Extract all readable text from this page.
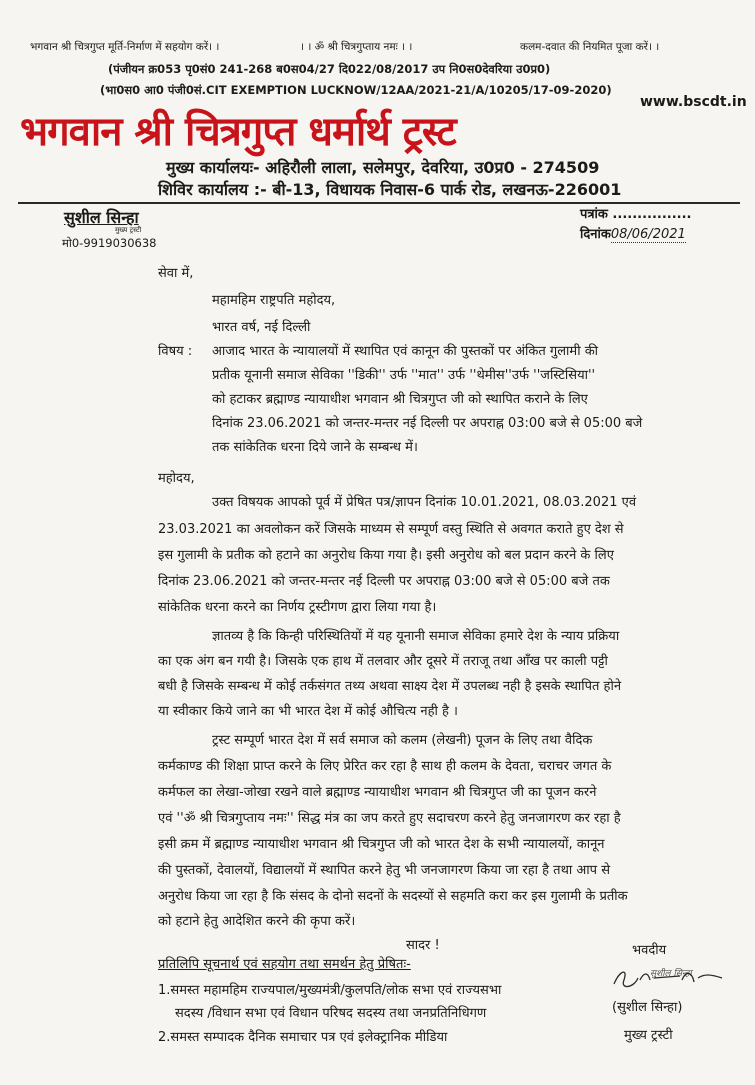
भगवान श्री चित्रगुप्त मूर्ति-निर्माण में सहयोग करें। ।	। । ॐ श्री चित्रगुप्ताय नमः । ।	कलम-दवात की नियमित पूजा करें। ।
(पंजीयन क्र053 पृ0सं0 241-268 ब0स04/27 दि022/08/2017 उप नि0स0देवरिया उ0प्र0)
(भा0स0 आ0 पंजी0सं.CIT EXEMPTION LUCKNOW/12AA/2021-21/A/10205/17-09-2020)
www.bscdt.in
भगवान श्री चित्रगुप्त धर्मार्थ ट्रस्ट
मुख्य कार्यालयः- अहिरौली लाला, सलेमपुर, देवरिया, उ0प्र0 - 274509
शिविर कार्यालय :- बी-13, विधायक निवास-6 पार्क रोड, लखनऊ-226001
सुशील सिन्हा
मुख्य ट्रस्टी
मो0-9919030638
पत्रांक ................
दिनांक08/06/2021
सेवा में,
महामहिम राष्ट्रपति महोदय,
भारत वर्ष, नई दिल्ली
विषय : आजाद भारत के न्यायालयों में स्थापित एवं कानून की पुस्तकों पर अंकित गुलामी की
प्रतीक यूनानी समाज सेविका ''डिकी'' उर्फ ''मात'' उर्फ ''थेमीस''उर्फ ''जस्टिसिया''
को हटाकर ब्रह्माण्ड न्यायाधीश भगवान श्री चित्रगुप्त जी को स्थापित कराने के लिए
दिनांक 23.06.2021 को जन्तर-मन्तर नई दिल्ली पर अपराह्न 03:00 बजे से 05:00 बजे
तक सांकेतिक धरना दिये जाने के सम्बन्ध में।
महोदय,
उक्त विषयक आपको पूर्व में प्रेषित पत्र/ज्ञापन दिनांक 10.01.2021, 08.03.2021 एवं
23.03.2021 का अवलोकन करें जिसके माध्यम से सम्पूर्ण वस्तु स्थिति से अवगत कराते हुए देश से
इस गुलामी के प्रतीक को हटाने का अनुरोध किया गया है। इसी अनुरोध को बल प्रदान करने के लिए
दिनांक 23.06.2021 को जन्तर-मन्तर नई दिल्ली पर अपराह्न 03:00 बजे से 05:00 बजे तक
सांकेतिक धरना करने का निर्णय ट्रस्टीगण द्वारा लिया गया है।
ज्ञातव्य है कि किन्ही परिस्थितियों में यह यूनानी समाज सेविका हमारे देश के न्याय प्रक्रिया
का एक अंग बन गयी है। जिसके एक हाथ में तलवार और दूसरे में तराजू तथा आँख पर काली पट्टी
बधी है जिसके सम्बन्ध में कोई तर्कसंगत तथ्य अथवा साक्ष्य देश में उपलब्ध नही है इसके स्थापित होने
या स्वीकार किये जाने का भी भारत देश में कोई औचित्य नही है ।
ट्रस्ट सम्पूर्ण भारत देश में सर्व समाज को कलम (लेखनी) पूजन के लिए तथा वैदिक
कर्मकाण्ड की शिक्षा प्राप्त करने के लिए प्रेरित कर रहा है साथ ही कलम के देवता, चराचर जगत के
कर्मफल का लेखा-जोखा रखने वाले ब्रह्माण्ड न्यायाधीश भगवान श्री चित्रगुप्त जी का पूजन करने
एवं ''ॐ श्री चित्रगुप्ताय नमः'' सिद्ध मंत्र का जप करते हुए सदाचरण करने हेतु जनजागरण कर रहा है
इसी क्रम में ब्रह्माण्ड न्यायाधीश भगवान श्री चित्रगुप्त जी को भारत देश के सभी न्यायालयों, कानून
की पुस्तकों, देवालयों, विद्यालयों में स्थापित करने हेतु भी जनजागरण किया जा रहा है तथा आप से
अनुरोध किया जा रहा है कि संसद के दोनो सदनों के सदस्यों से सहमति करा कर इस गुलामी के प्रतीक
को हटाने हेतु आदेशित करने की कृपा करें।
सादर !
प्रतिलिपि सूचनार्थ एवं सहयोग तथा समर्थन हेतु प्रेषितः-
1.समस्त महामहिम राज्यपाल/मुख्यमंत्री/कुलपति/लोक सभा एवं राज्यसभा
सदस्य /विधान सभा एवं विधान परिषद सदस्य तथा जनप्रतिनिधिगण
2.समस्त सम्पादक दैनिक समाचार पत्र एवं इलेक्ट्रानिक मीडिया
भवदीय
सुशील सिन्हा
(सुशील सिन्हा)
मुख्य ट्रस्टी
